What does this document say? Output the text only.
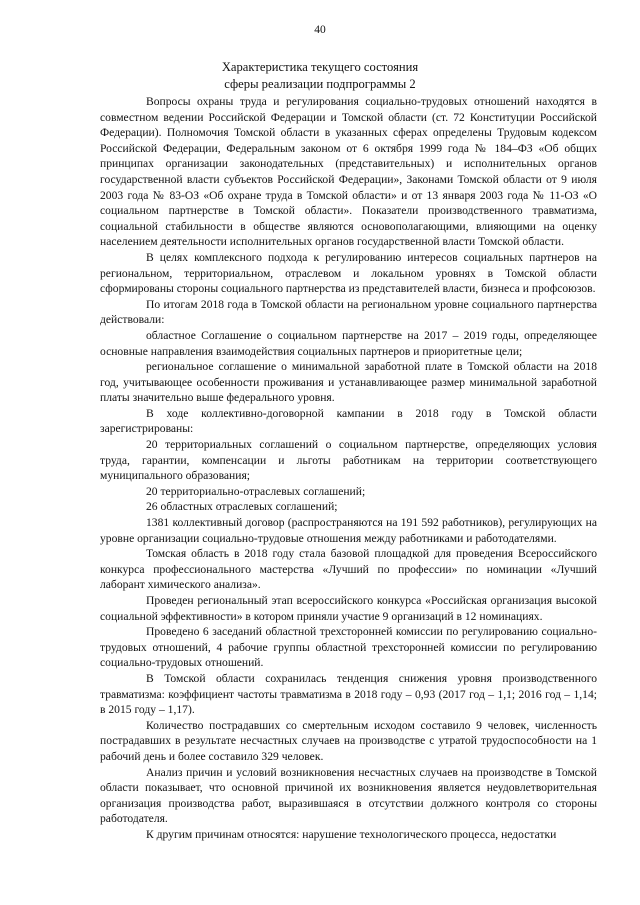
40
Характеристика текущего состояния
сферы реализации подпрограммы 2

Вопросы охраны труда и регулирования социально-трудовых отношений находятся в совместном ведении Российской Федерации и Томской области (ст. 72 Конституции Российской Федерации). Полномочия Томской области в указанных сферах определены Трудовым кодексом Российской Федерации, Федеральным законом от 6 октября 1999 года № 184–ФЗ «Об общих принципах организации законодательных (представительных) и исполнительных органов государственной власти субъектов Российской Федерации», Законами Томской области от 9 июля 2003 года № 83-ОЗ «Об охране труда в Томской области» и от 13 января 2003 года № 11-ОЗ «О социальном партнерстве в Томской области». Показатели производственного травматизма, социальной стабильности в обществе являются основополагающими, влияющими на оценку населением деятельности исполнительных органов государственной власти Томской области.

В целях комплексного подхода к регулированию интересов социальных партнеров на региональном, территориальном, отраслевом и локальном уровнях в Томской области сформированы стороны социального партнерства из представителей власти, бизнеса и профсоюзов.

По итогам 2018 года в Томской области на региональном уровне социального партнерства действовали:

областное Соглашение о социальном партнерстве на 2017 – 2019 годы, определяющее основные направления взаимодействия социальных партнеров и приоритетные цели;

региональное соглашение о минимальной заработной плате в Томской области на 2018 год, учитывающее особенности проживания и устанавливающее размер минимальной заработной платы значительно выше федерального уровня.

В ходе коллективно-договорной кампании в 2018 году в Томской области зарегистрированы:

20 территориальных соглашений о социальном партнерстве, определяющих условия труда, гарантии, компенсации и льготы работникам на территории соответствующего муниципального образования;

20 территориально-отраслевых соглашений;

26 областных отраслевых соглашений;

1381 коллективный договор (распространяются на 191 592 работников), регулирующих на уровне организации социально-трудовые отношения между работниками и работодателями.

Томская область в 2018 году стала базовой площадкой для проведения Всероссийского конкурса профессионального мастерства «Лучший по профессии» по номинации «Лучший лаборант химического анализа».

Проведен региональный этап всероссийского конкурса «Российская организация высокой социальной эффективности» в котором приняли участие 9 организаций в 12 номинациях.

Проведено 6 заседаний областной трехсторонней комиссии по регулированию социально-трудовых отношений, 4 рабочие группы областной трехсторонней комиссии по регулированию социально-трудовых отношений.

В Томской области сохранилась тенденция снижения уровня производственного травматизма: коэффициент частоты травматизма в 2018 году – 0,93 (2017 год – 1,1; 2016 год – 1,14; в 2015 году – 1,17).

Количество пострадавших со смертельным исходом составило 9 человек, численность пострадавших в результате несчастных случаев на производстве с утратой трудоспособности на 1 рабочий день и более составило 329 человек.

Анализ причин и условий возникновения несчастных случаев на производстве в Томской области показывает, что основной причиной их возникновения является неудовлетворительная организация производства работ, выразившаяся в отсутствии должного контроля со стороны работодателя.

К другим причинам относятся: нарушение технологического процесса, недостатки
